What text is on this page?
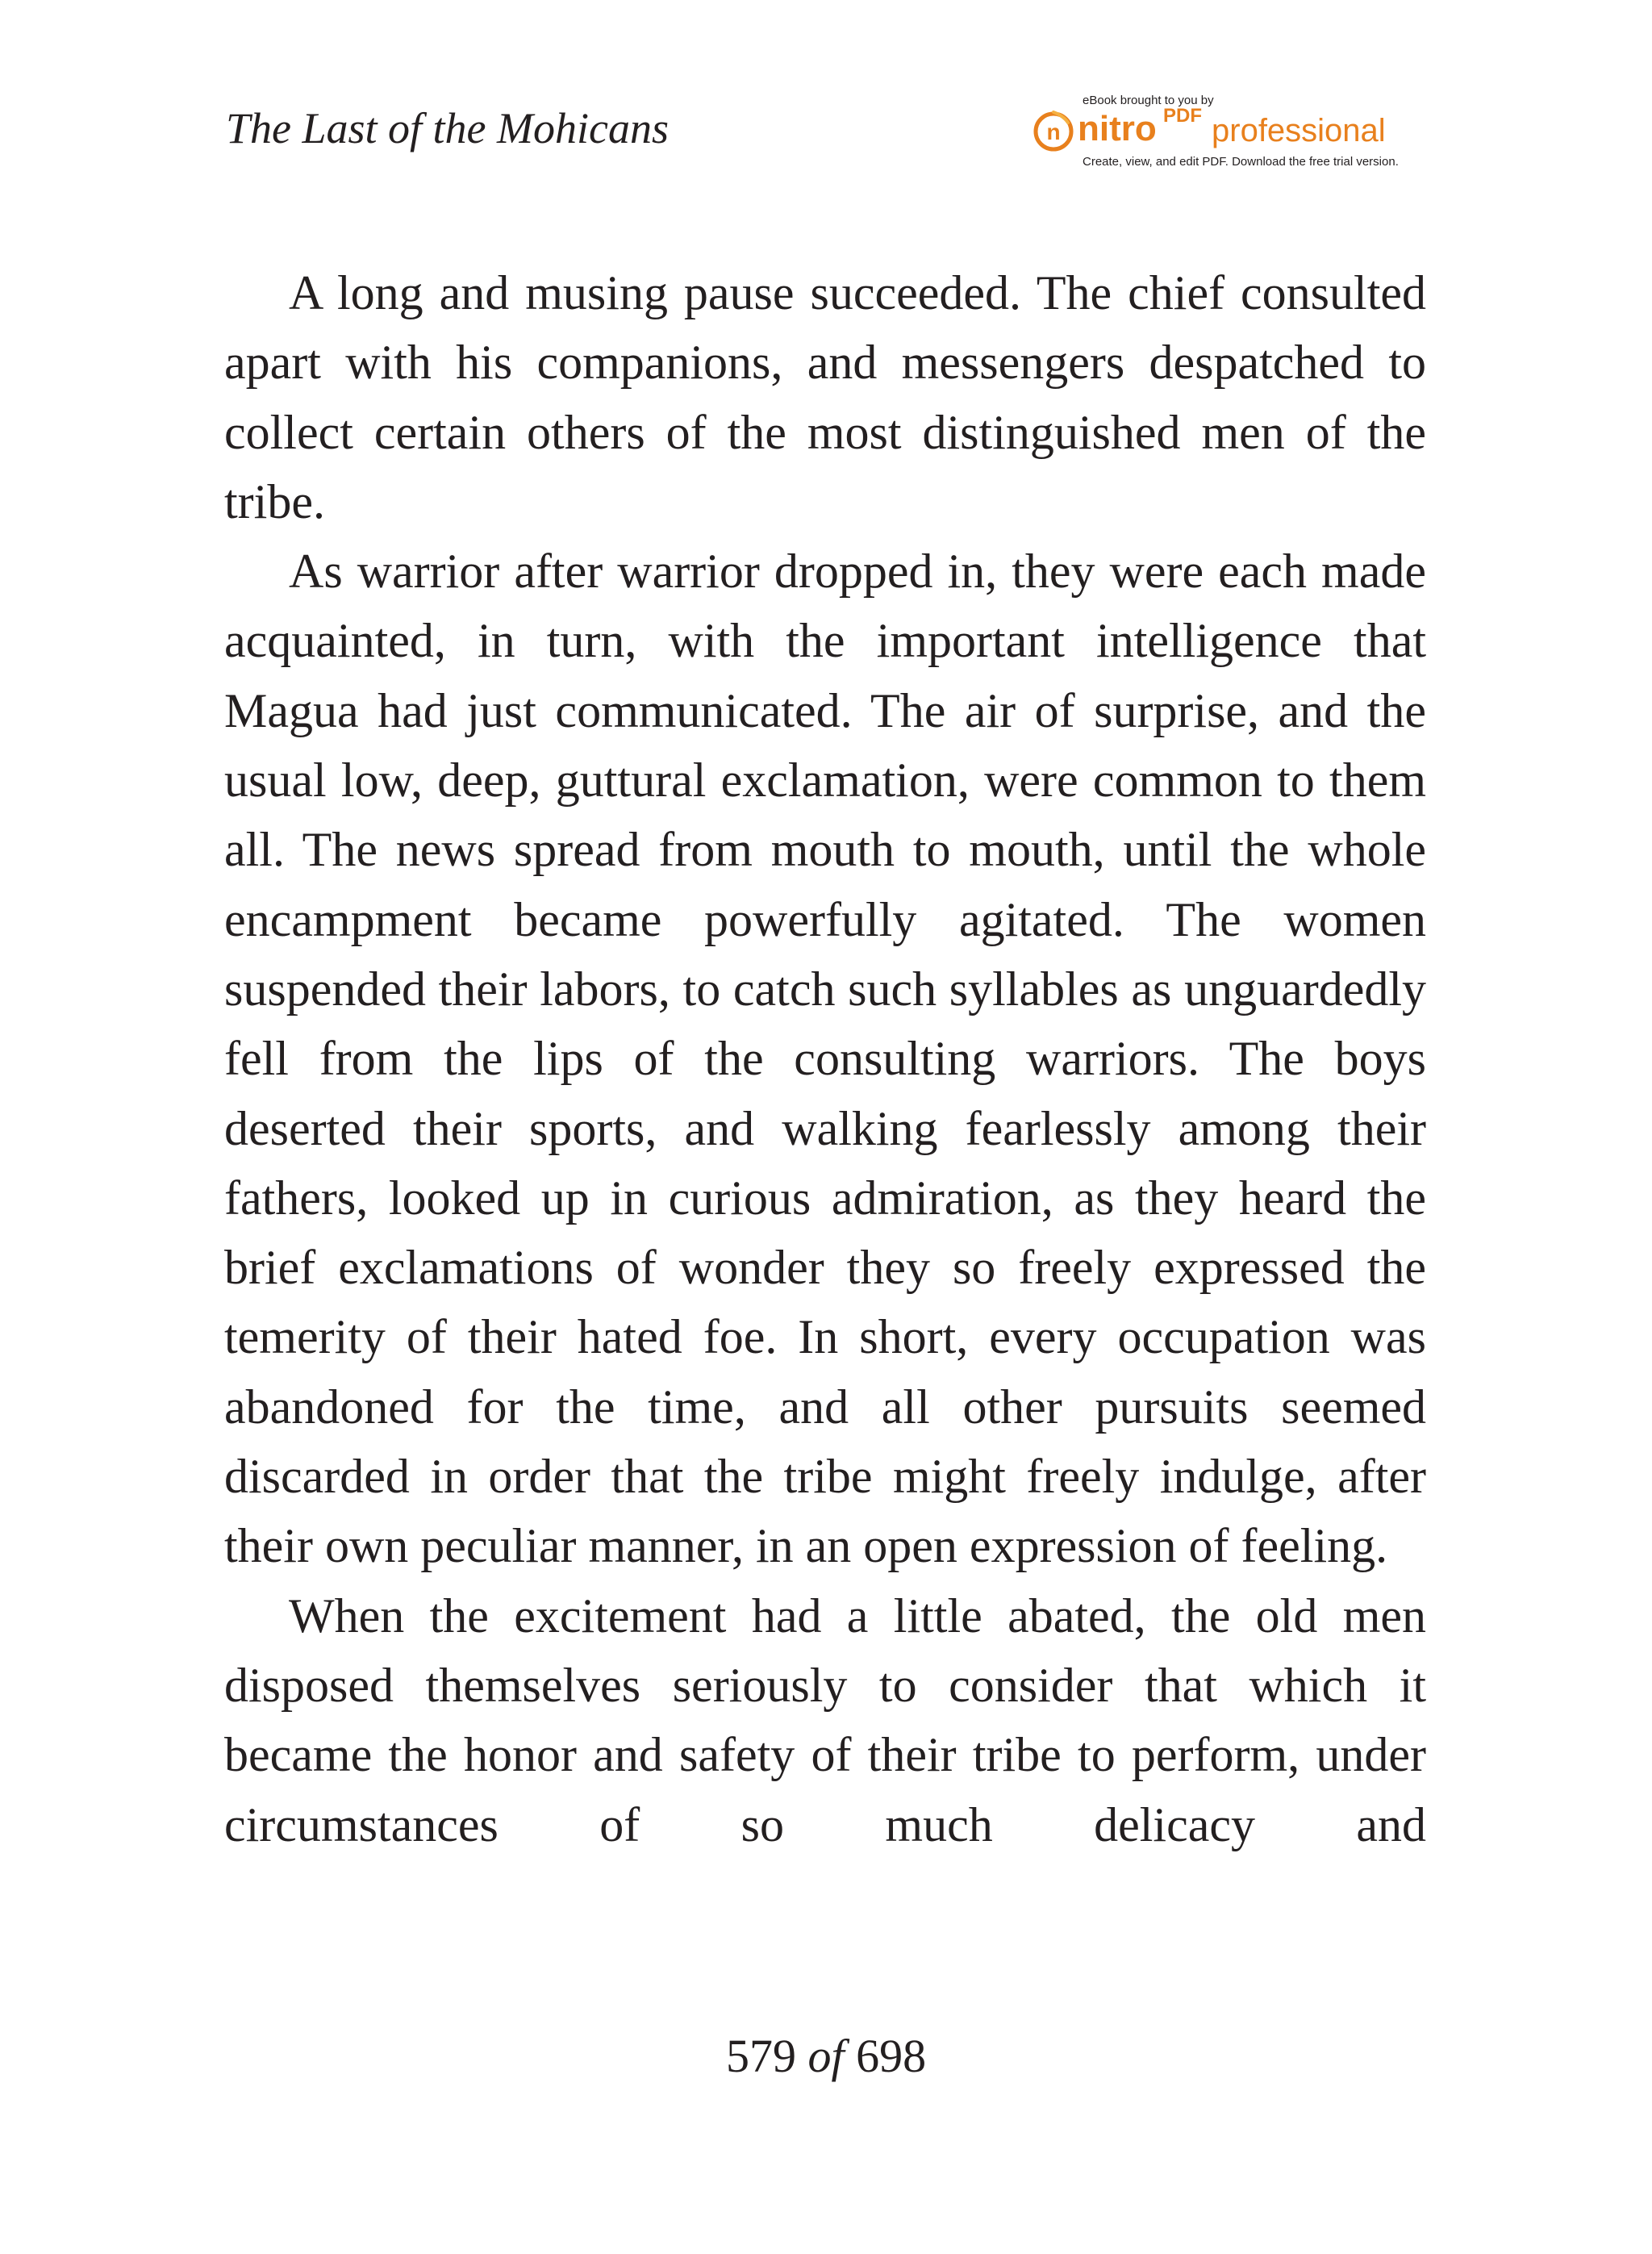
The Last of the Mohicans
eBook brought to you by
n nitro PDF professional
Create, view, and edit PDF. Download the free trial version.

A long and musing pause succeeded. The chief consulted apart with his companions, and messengers despatched to collect certain others of the most distinguished men of the tribe.

As warrior after warrior dropped in, they were each made acquainted, in turn, with the important intelligence that Magua had just communicated. The air of surprise, and the usual low, deep, guttural exclamation, were common to them all. The news spread from mouth to mouth, until the whole encampment became powerfully agitated. The women suspended their labors, to catch such syllables as unguardedly fell from the lips of the consulting warriors. The boys deserted their sports, and walking fearlessly among their fathers, looked up in curious admiration, as they heard the brief exclamations of wonder they so freely expressed the temerity of their hated foe. In short, every occupation was abandoned for the time, and all other pursuits seemed discarded in order that the tribe might freely indulge, after their own peculiar manner, in an open expression of feeling.

When the excitement had a little abated, the old men disposed themselves seriously to consider that which it became the honor and safety of their tribe to perform, under circumstances of so much delicacy and

579 of 698
